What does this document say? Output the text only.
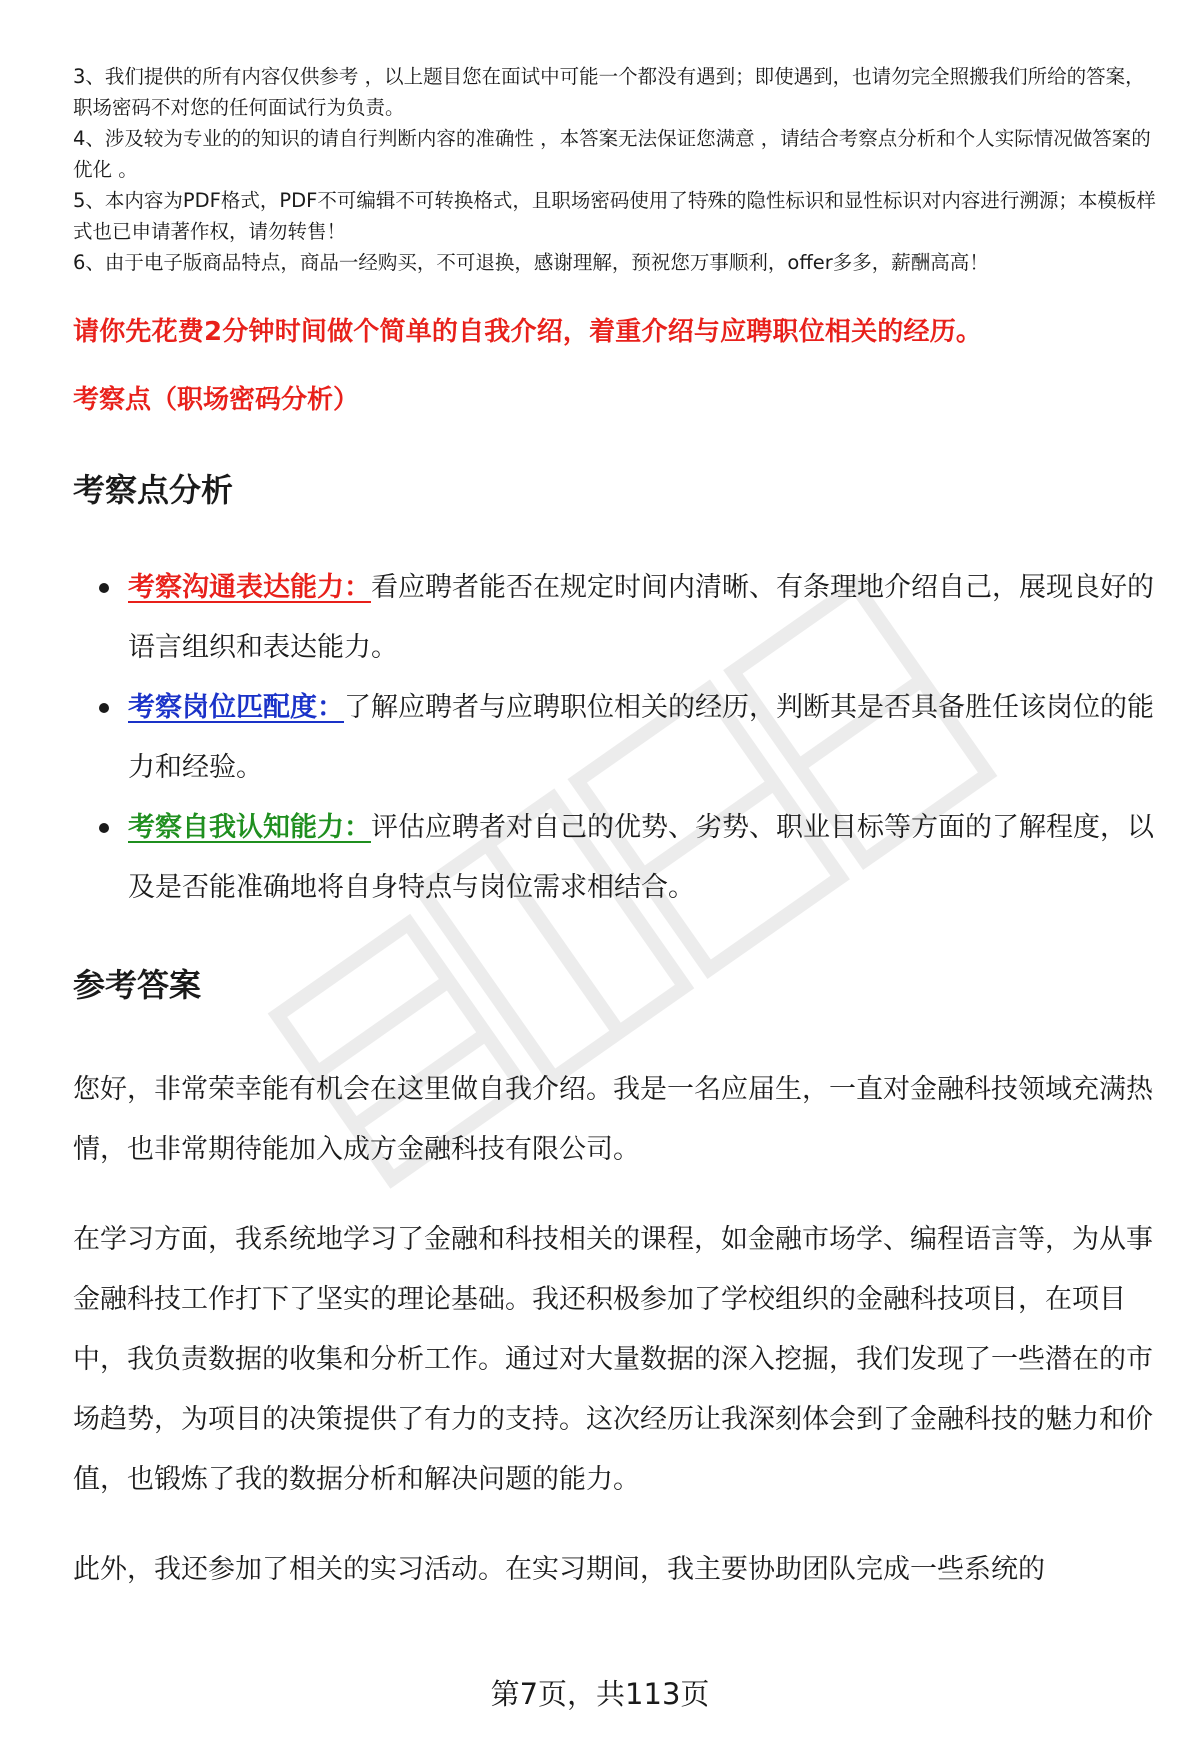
3、我们提供的所有内容仅供参考 ，以上题目您在面试中可能一个都没有遇到；即使遇到，也请勿完全照搬我们所给的答案，职场密码不对您的任何面试行为负责。

4、涉及较为专业的的知识的请自行判断内容的准确性 ，本答案无法保证您满意 ，请结合考察点分析和个人实际情况做答案的优化 。

5、本内容为PDF格式，PDF不可编辑不可转换格式，且职场密码使用了特殊的隐性标识和显性标识对内容进行溯源；本模板样式也已申请著作权，请勿转售！

6、由于电子版商品特点，商品一经购买，不可退换，感谢理解，预祝您万事顺利，offer多多，薪酬高高！

请你先花费2分钟时间做个简单的自我介绍，着重介绍与应聘职位相关的经历。
考察点（职场密码分析）
考察点分析
考察沟通表达能力：看应聘者能否在规定时间内清晰、有条理地介绍自己，展现良好的语言组织和表达能力。
考察岗位匹配度：了解应聘者与应聘职位相关的经历，判断其是否具备胜任该岗位的能力和经验。
考察自我认知能力：评估应聘者对自己的优势、劣势、职业目标等方面的了解程度，以及是否能准确地将自身特点与岗位需求相结合。
参考答案

您好，非常荣幸能有机会在这里做自我介绍。我是一名应届生，一直对金融科技领域充满热情，也非常期待能加入成方金融科技有限公司。

在学习方面，我系统地学习了金融和科技相关的课程，如金融市场学、编程语言等，为从事金融科技工作打下了坚实的理论基础。我还积极参加了学校组织的金融科技项目，在项目中，我负责数据的收集和分析工作。通过对大量数据的深入挖掘，我们发现了一些潜在的市场趋势，为项目的决策提供了有力的支持。这次经历让我深刻体会到了金融科技的魅力和价值，也锻炼了我的数据分析和解决问题的能力。

此外，我还参加了相关的实习活动。在实习期间，我主要协助团队完成一些系统的

第7页，共113页
